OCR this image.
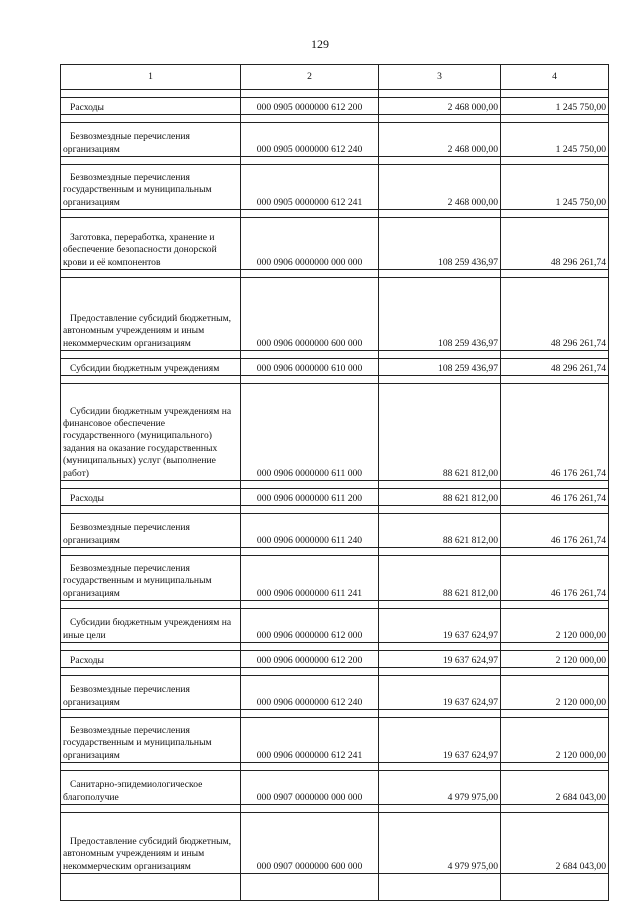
129
1	2	3	4

Расходы	000 0905 0000000 612 200	2 468 000,00	1 245 750,00

Безвозмездные перечисления организациям	000 0905 0000000 612 240	2 468 000,00	1 245 750,00

Безвозмездные перечисления государственным и муниципальным организациям	000 0905 0000000 612 241	2 468 000,00	1 245 750,00

Заготовка, переработка, хранение и обеспечение безопасности донорской крови и её компонентов	000 0906 0000000 000 000	108 259 436,97	48 296 261,74

Предоставление субсидий бюджетным, автономным учреждениям и иным некоммерческим организациям	000 0906 0000000 600 000	108 259 436,97	48 296 261,74

Субсидии бюджетным учреждениям	000 0906 0000000 610 000	108 259 436,97	48 296 261,74

Субсидии бюджетным учреждениям на финансовое обеспечение государственного (муниципального) задания на оказание государственных (муниципальных) услуг (выполнение работ)	000 0906 0000000 611 000	88 621 812,00	46 176 261,74

Расходы	000 0906 0000000 611 200	88 621 812,00	46 176 261,74

Безвозмездные перечисления организациям	000 0906 0000000 611 240	88 621 812,00	46 176 261,74

Безвозмездные перечисления государственным и муниципальным организациям	000 0906 0000000 611 241	88 621 812,00	46 176 261,74

Субсидии бюджетным учреждениям на иные цели	000 0906 0000000 612 000	19 637 624,97	2 120 000,00

Расходы	000 0906 0000000 612 200	19 637 624,97	2 120 000,00

Безвозмездные перечисления организациям	000 0906 0000000 612 240	19 637 624,97	2 120 000,00

Безвозмездные перечисления государственным и муниципальным организациям	000 0906 0000000 612 241	19 637 624,97	2 120 000,00

Санитарно-эпидемиологическое благополучие	000 0907 0000000 000 000	4 979 975,00	2 684 043,00

Предоставление субсидий бюджетным, автономным учреждениям и иным некоммерческим организациям	000 0907 0000000 600 000	4 979 975,00	2 684 043,00
